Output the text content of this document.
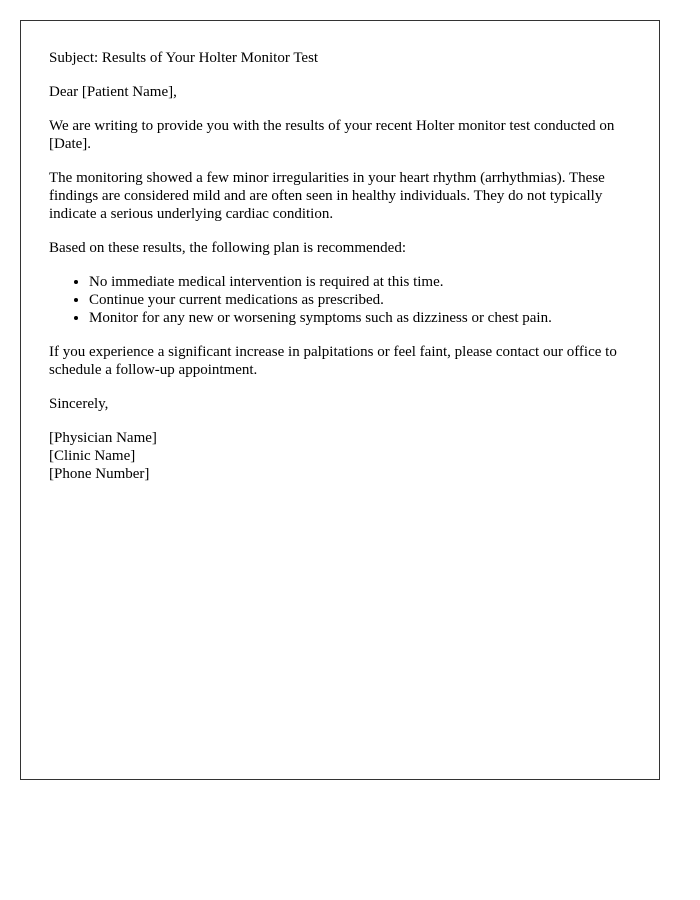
Subject: Results of Your Holter Monitor Test

Dear [Patient Name],

We are writing to provide you with the results of your recent Holter monitor test conducted on [Date].

The monitoring showed a few minor irregularities in your heart rhythm (arrhythmias). These findings are considered mild and are often seen in healthy individuals. They do not typically indicate a serious underlying cardiac condition.

Based on these results, the following plan is recommended:

• No immediate medical intervention is required at this time.
• Continue your current medications as prescribed.
• Monitor for any new or worsening symptoms such as dizziness or chest pain.

If you experience a significant increase in palpitations or feel faint, please contact our office to schedule a follow-up appointment.

Sincerely,

[Physician Name]
[Clinic Name]
[Phone Number]
